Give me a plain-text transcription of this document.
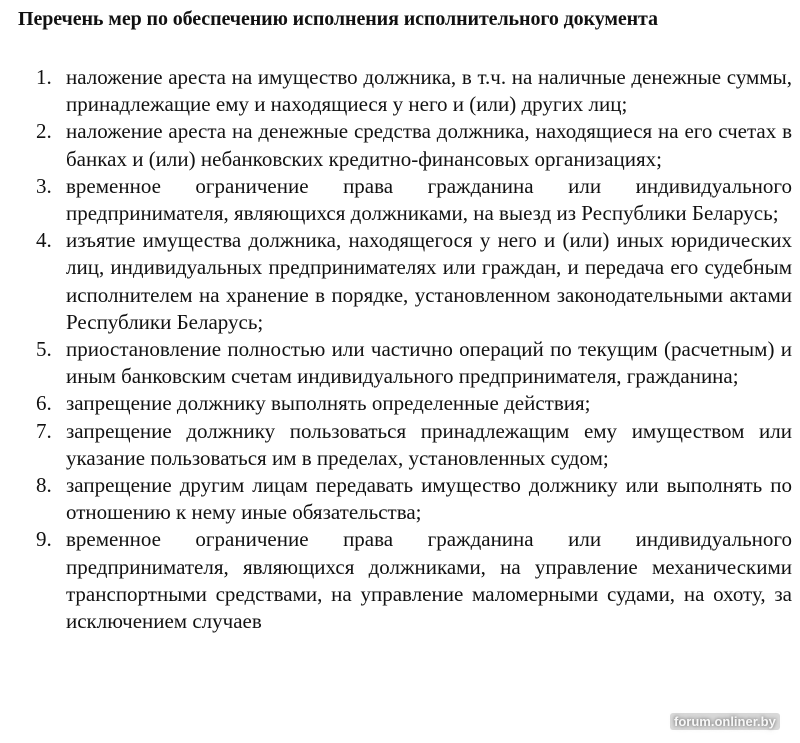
Перечень мер по обеспечению исполнения исполнительного документа
1. наложение ареста на имущество должника, в т.ч. на наличные денежные суммы, принадлежащие ему и находящиеся у него и (или) других лиц;
2. наложение ареста на денежные средства должника, находящиеся на его счетах в банках и (или) небанковских кредитно-финансовых организациях;
3. временное ограничение права гражданина или индивидуального предпринимателя, являющихся должниками, на выезд из Республики Беларусь;
4. изъятие имущества должника, находящегося у него и (или) иных юридических лиц, индивидуальных предпринимателях или граждан, и передача его судебным исполнителем на хранение в порядке, установленном законодательными актами Республики Беларусь;
5. приостановление полностью или частично операций по текущим (расчетным) и иным банковским счетам индивидуального предпринимателя, гражданина;
6. запрещение должнику выполнять определенные действия;
7. запрещение должнику пользоваться принадлежащим ему имуществом или указание пользоваться им в пределах, установленных судом;
8. запрещение другим лицам передавать имущество должнику или выполнять по отношению к нему иные обязательства;
9. временное ограничение права гражданина или индивидуального предпринимателя, являющихся должниками, на управление механическими транспортными средствами, на управление маломерными судами, на охоту, за исключением случаев
forum.onliner.by
